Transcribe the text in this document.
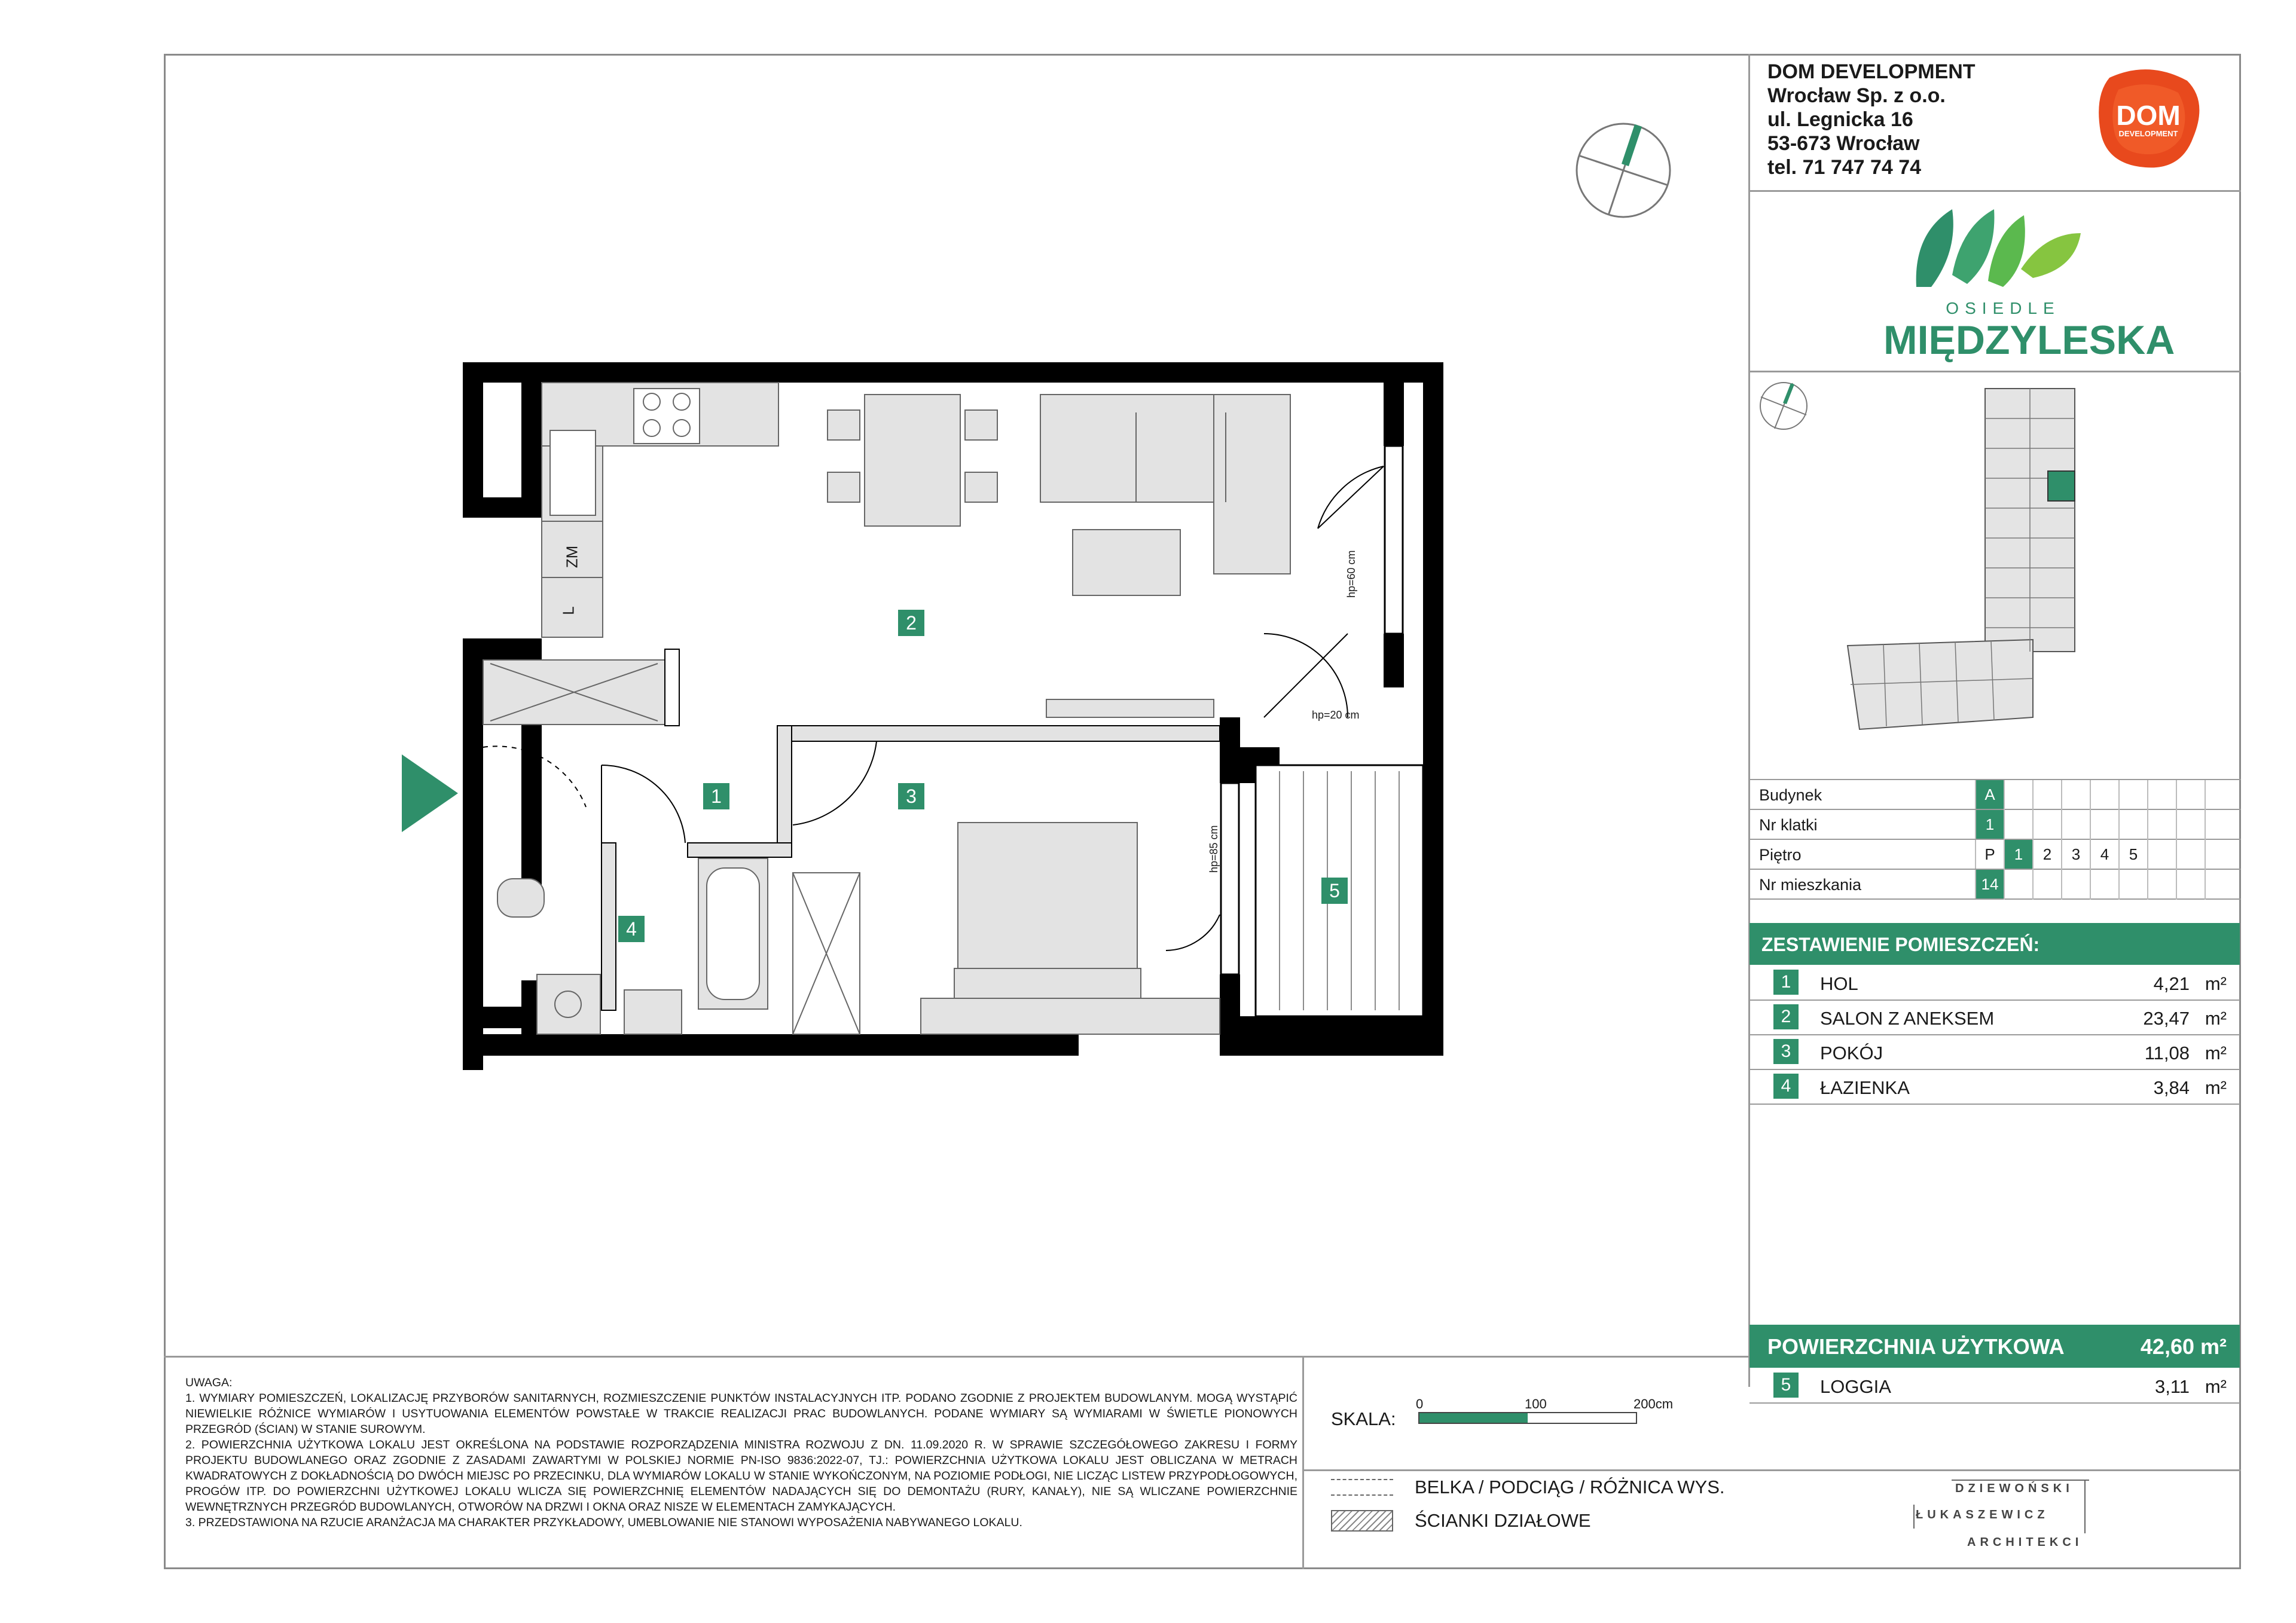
DOM DEVELOPMENT
Wrocław Sp. z o.o.
ul. Legnicka 16
53-673 Wrocław
tel. 71 747 74 74
DOM
DEVELOPMENT
OSIEDLE
MIĘDZYLESKA
Budynek	A
Nr klatki	1
Piętro	P	1	2	3	4	5
Nr mieszkania	14
ZESTAWIENIE POMIESZCZEŃ:
1	HOL	4,21 m²
2	SALON Z ANEKSEM	23,47 m²
3	POKÓJ	11,08 m²
4	ŁAZIENKA	3,84 m²
POWIERZCHNIA UŻYTKOWA	42,60 m²
5	LOGGIA	3,11 m²
DZIEWOŃSKI
ŁUKASZEWICZ
ARCHITEKCI
ZM
L
hp=60 cm
hp=20 cm
hp=85 cm
2
1	3
4
5

UWAGA:

1. WYMIARY POMIESZCZEŃ, LOKALIZACJĘ PRZYBORÓW SANITARNYCH, ROZMIESZCZENIE PUNKTÓW INSTALACYJNYCH ITP. PODANO ZGODNIE Z PROJEKTEM BUDOWLANYM. MOGĄ WYSTĄPIĆ NIEWIELKIE RÓŻNICE WYMIARÓW I USYTUOWANIA ELEMENTÓW POWSTAŁE W TRAKCIE REALIZACJI PRAC BUDOWLANYCH. PODANE WYMIARY SĄ WYMIARAMI W ŚWIETLE PIONOWYCH PRZEGRÓD (ŚCIAN) W STANIE SUROWYM.

2. POWIERZCHNIA UŻYTKOWA LOKALU JEST OKREŚLONA NA PODSTAWIE ROZPORZĄDZENIA MINISTRA ROZWOJU Z DN. 11.09.2020 R. W SPRAWIE SZCZEGÓŁOWEGO ZAKRESU I FORMY PROJEKTU BUDOWLANEGO ORAZ ZGODNIE Z ZASADAMI ZAWARTYMI W POLSKIEJ NORMIE PN-ISO 9836:2022-07, TJ.: POWIERZCHNIA UŻYTKOWA LOKALU JEST OBLICZANA W METRACH KWADRATOWYCH Z DOKŁADNOŚCIĄ DO DWÓCH MIEJSC PO PRZECINKU, DLA WYMIARÓW LOKALU W STANIE WYKOŃCZONYM, NA POZIOMIE PODŁOGI, NIE LICZĄC LISTEW PRZYPODŁOGOWYCH, PROGÓW ITP. DO POWIERZCHNI UŻYTKOWEJ LOKALU WLICZA SIĘ POWIERZCHNIĘ ELEMENTÓW NADAJĄCYCH SIĘ DO DEMONTAŻU (RURY, KANAŁY), NIE SĄ WLICZANE POWIERZCHNIE WEWNĘTRZNYCH PRZEGRÓD BUDOWLANYCH, OTWORÓW NA DRZWI I OKNA ORAZ NISZE W ELEMENTACH ZAMYKAJĄCYCH.

3. PRZEDSTAWIONA NA RZUCIE ARANŻACJA MA CHARAKTER PRZYKŁADOWY, UMEBLOWANIE NIE STANOWI WYPOSAŻENIA NABYWANEGO LOKALU.

SKALA:
0	100	200cm
BELKA / PODCIĄG / RÓŻNICA WYS.
ŚCIANKI DZIAŁOWE
